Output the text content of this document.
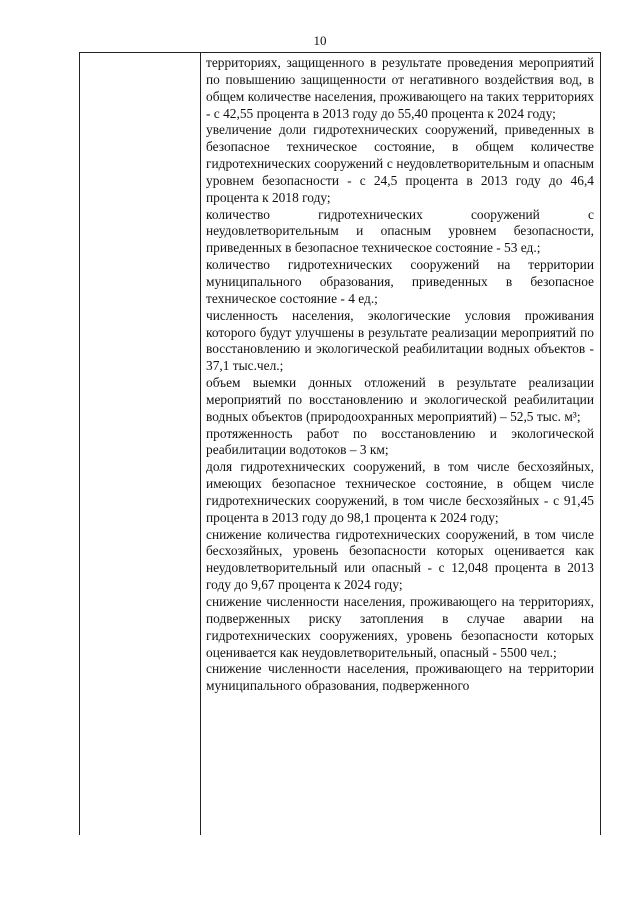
10

территориях, защищенного в результате проведения мероприятий по повышению защищенности от негативного воздействия вод, в общем количестве населения, проживающего на таких территориях - с 42,55 процента в 2013 году до 55,40 процента к 2024 году;

увеличение доли гидротехнических сооружений, приведенных в безопасное техническое состояние, в общем количестве гидротехнических сооружений с неудовлетворительным и опасным уровнем безопасности - с 24,5 процента в 2013 году до 46,4 процента к 2018 году;

количество гидротехнических сооружений с неудовлетворительным и опасным уровнем безопасности, приведенных в безопасное техническое состояние - 53 ед.;

количество гидротехнических сооружений на территории муниципального образования, приведенных в безопасное техническое состояние - 4 ед.;

численность населения, экологические условия проживания которого будут улучшены в результате реализации мероприятий по восстановлению и экологической реабилитации водных объектов - 37,1 тыс.чел.;

объем выемки донных отложений в результате реализации мероприятий по восстановлению и экологической реабилитации водных объектов (природоохранных мероприятий) – 52,5 тыс. м³;

протяженность работ по восстановлению и экологической реабилитации водотоков – 3 км;

доля гидротехнических сооружений, в том числе бесхозяйных, имеющих безопасное техническое состояние, в общем числе гидротехнических сооружений, в том числе бесхозяйных - с 91,45 процента в 2013 году до 98,1 процента к 2024 году;

снижение количества гидротехнических сооружений, в том числе бесхозяйных, уровень безопасности которых оценивается как неудовлетворительный или опасный - с 12,048 процента в 2013 году до 9,67 процента к 2024 году;

снижение численности населения, проживающего на территориях, подверженных риску затопления в случае аварии на гидротехнических сооружениях, уровень безопасности которых оценивается как неудовлетворительный, опасный - 5500 чел.;

снижение численности населения, проживающего на территории муниципального образования, подверженного
